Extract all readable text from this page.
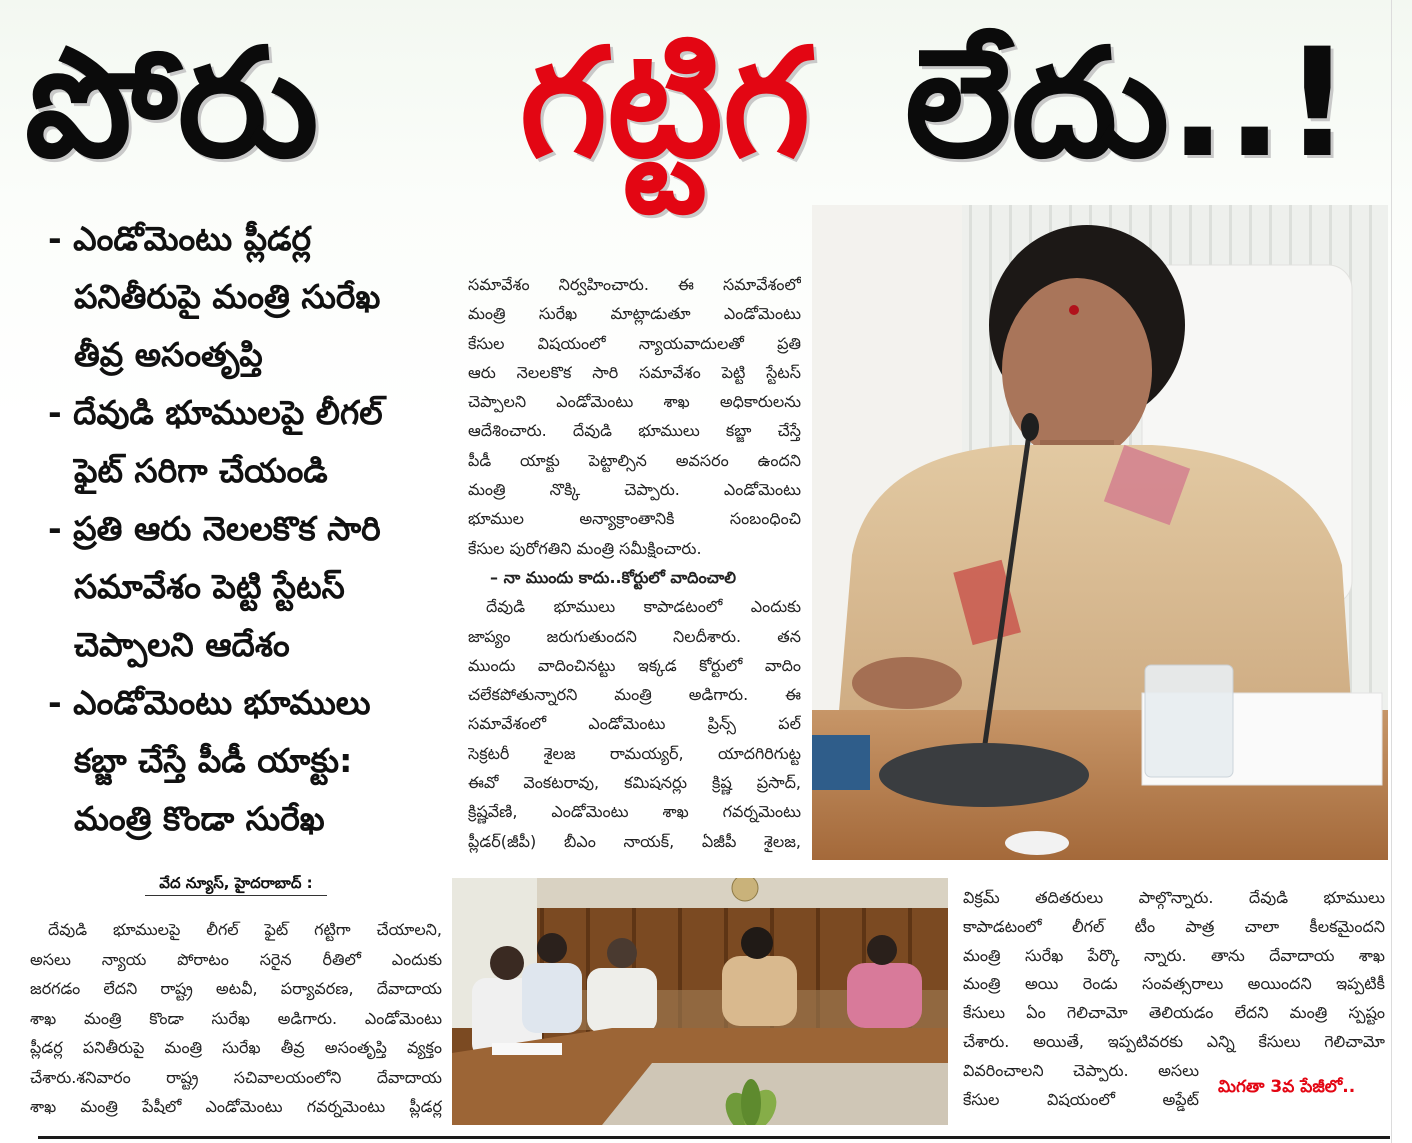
పోరు	గట్టిగ లేదు..!
- ఎండోమెంటు ప్లీడర్ల
పనితీరుపై మంత్రి సురేఖ
తీవ్ర అసంతృప్తి
- దేవుడి భూములపై లీగల్
ఫైట్ సరిగా చేయండి
- ప్రతి ఆరు నెలలకొక సారి
సమావేశం పెట్టి స్టేటస్
చెప్పాలని ఆదేశం
- ఎండోమెంటు భూములు
కబ్జా చేస్తే పీడీ యాక్టు:
మంత్రి కొండా సురేఖ
సమావేశం నిర్వహించారు. ఈ సమావేశంలో
మంత్రి సురేఖ మాట్లాడుతూ ఎండోమెంటు
కేసుల విషయంలో న్యాయవాదులతో ప్రతి
ఆరు నెలలకొక సారి సమావేశం పెట్టి స్టేటస్
చెప్పాలని ఎండోమెంటు శాఖ అధికారులను
ఆదేశించారు. దేవుడి భూములు కబ్జా చేస్తే
పీడీ యాక్టు పెట్టాల్సిన అవసరం ఉందని
మంత్రి నొక్కి చెప్పారు. ఎండోమెంటు
భూముల అన్యాక్రాంతానికి సంబంధించి
కేసుల పురోగతిని మంత్రి సమీక్షించారు.
– నా ముందు కాదు..కోర్టులో వాదించాలి
దేవుడి భూములు కాపాడటంలో ఎందుకు
జాప్యం జరుగుతుందని నిలదీశారు. తన
ముందు వాదించినట్టు ఇక్కడ కోర్టులో వాదిం
చలేకపోతున్నారని మంత్రి అడిగారు. ఈ
సమావేశంలో ఎండోమెంటు ప్రిన్స్ పల్
సెక్రటరీ శైలజ రామయ్యర్, యాదగిరిగుట్ట
ఈవో వెంకటరావు, కమిషనర్లు క్రిష్ణ ప్రసాద్,
క్రిష్ణవేణి, ఎండోమెంటు శాఖ గవర్నమెంటు
ప్లీడర్(జీపీ) బీఎం నాయక్, ఏజీపీ శైలజ,
వేద న్యూస్, హైదరాబాద్ :
దేవుడి భూములపై లీగల్ ఫైట్ గట్టిగా చేయాలని,
అసలు న్యాయ పోరాటం సరైన రీతిలో ఎందుకు
జరగడం లేదని రాష్ట్ర అటవీ, పర్యావరణ, దేవాదాయ
శాఖ మంత్రి కొండా సురేఖ అడిగారు. ఎండోమెంటు
ప్లీడర్ల పనితీరుపై మంత్రి సురేఖ తీవ్ర అసంతృప్తి వ్యక్తం
చేశారు.శనివారం రాష్ట్ర సచివాలయంలోని దేవాదాయ
శాఖ మంత్రి పేషీలో ఎండోమెంటు గవర్నమెంటు ప్లీడర్ల
విక్రమ్ తదితరులు పాల్గొన్నారు. దేవుడి భూములు
కాపాడటంలో లీగల్ టీం పాత్ర చాలా కీలకమైందని
మంత్రి సురేఖ పేర్కొ న్నారు. తాను దేవాదాయ శాఖ
మంత్రి అయి రెండు సంవత్సరాలు అయిందని ఇప్పటికీ
కేసులు ఏం గెలిచామో తెలియడం లేదని మంత్రి స్పష్టం
చేశారు. అయితే, ఇప్పటివరకు ఎన్ని కేసులు గెలిచామో
వివరించాలని చెప్పారు. అసలు
కేసుల విషయంలో అప్డేట్
మిగతా 3వ పేజీలో..
